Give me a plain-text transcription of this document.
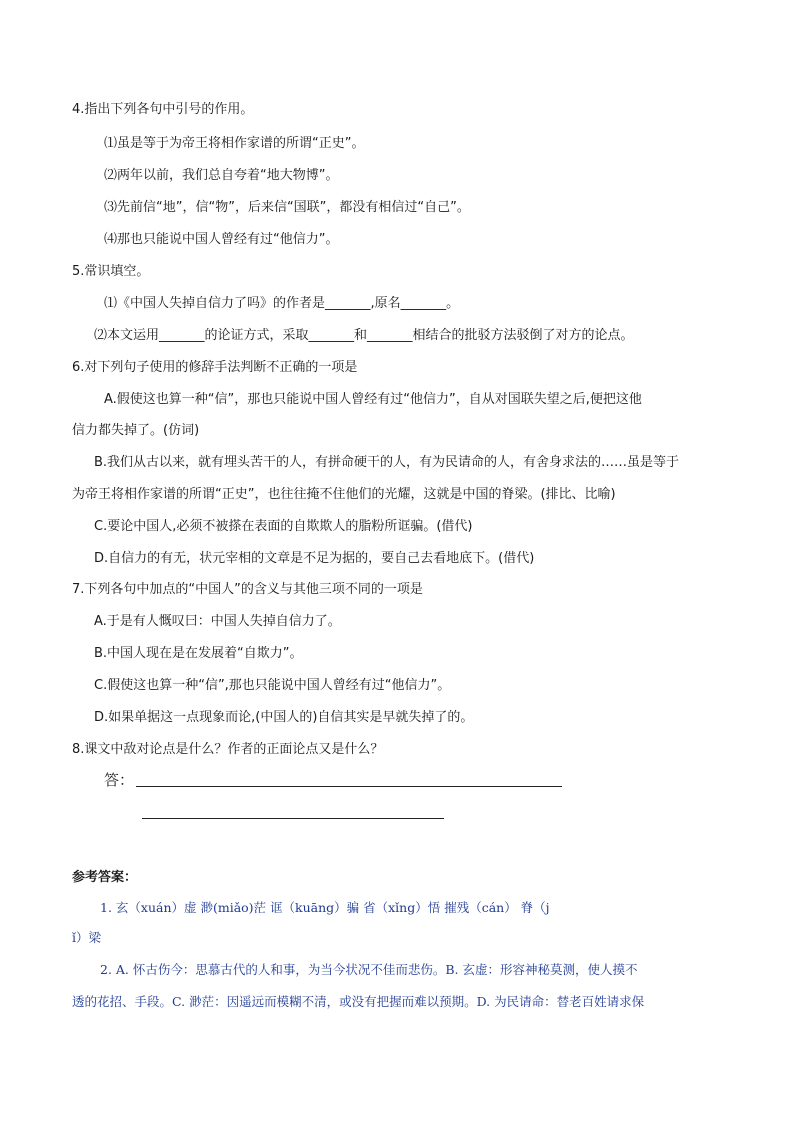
4.指出下列各句中引号的作用。
⑴虽是等于为帝王将相作家谱的所谓“正史”。
⑵两年以前，我们总自夸着“地大物博”。
⑶先前信“地”，信“物”，后来信“国联”，都没有相信过“自己”。
⑷那也只能说中国人曾经有过“他信力”。
5.常识填空。
⑴《中国人失掉自信力了吗》的作者是_______,原名_______。
⑵本文运用_______的论证方式，采取_______和_______相结合的批驳方法驳倒了对方的论点。
6.对下列句子使用的修辞手法判断不正确的一项是
A.假使这也算一种“信”，那也只能说中国人曾经有过“他信力”，自从对国联失望之后,便把这他
信力都失掉了。(仿词)
B.我们从古以来，就有埋头苦干的人，有拼命硬干的人，有为民请命的人，有舍身求法的……虽是等于
为帝王将相作家谱的所谓“正史”，也往往掩不住他们的光耀，这就是中国的脊梁。(排比、比喻)
C.要论中国人,必须不被搽在表面的自欺欺人的脂粉所诓骗。(借代)
D.自信力的有无，状元宰相的文章是不足为据的，要自己去看地底下。(借代)
7.下列各句中加点的“中国人”的含义与其他三项不同的一项是
A.于是有人慨叹曰：中国人失掉自信力了。
B.中国人现在是在发展着“自欺力”。
C.假使这也算一种“信”,那也只能说中国人曾经有过“他信力”。
D.如果单据这一点现象而论,(中国人的)自信其实是早就失掉了的。
8.课文中敌对论点是什么？作者的正面论点又是什么？
答：
参考答案：
1. 玄（xuán）虚 渺(miǎo)茫 诓（kuāng）骗 省（xǐng）悟 摧残（cán） 脊（j
ǐ）梁
2. A. 怀古伤今：思慕古代的人和事，为当今状况不佳而悲伤。B. 玄虚：形容神秘莫测，使人摸不
透的花招、手段。C. 渺茫：因遥远而模糊不清，或没有把握而难以预期。D. 为民请命：替老百姓请求保
